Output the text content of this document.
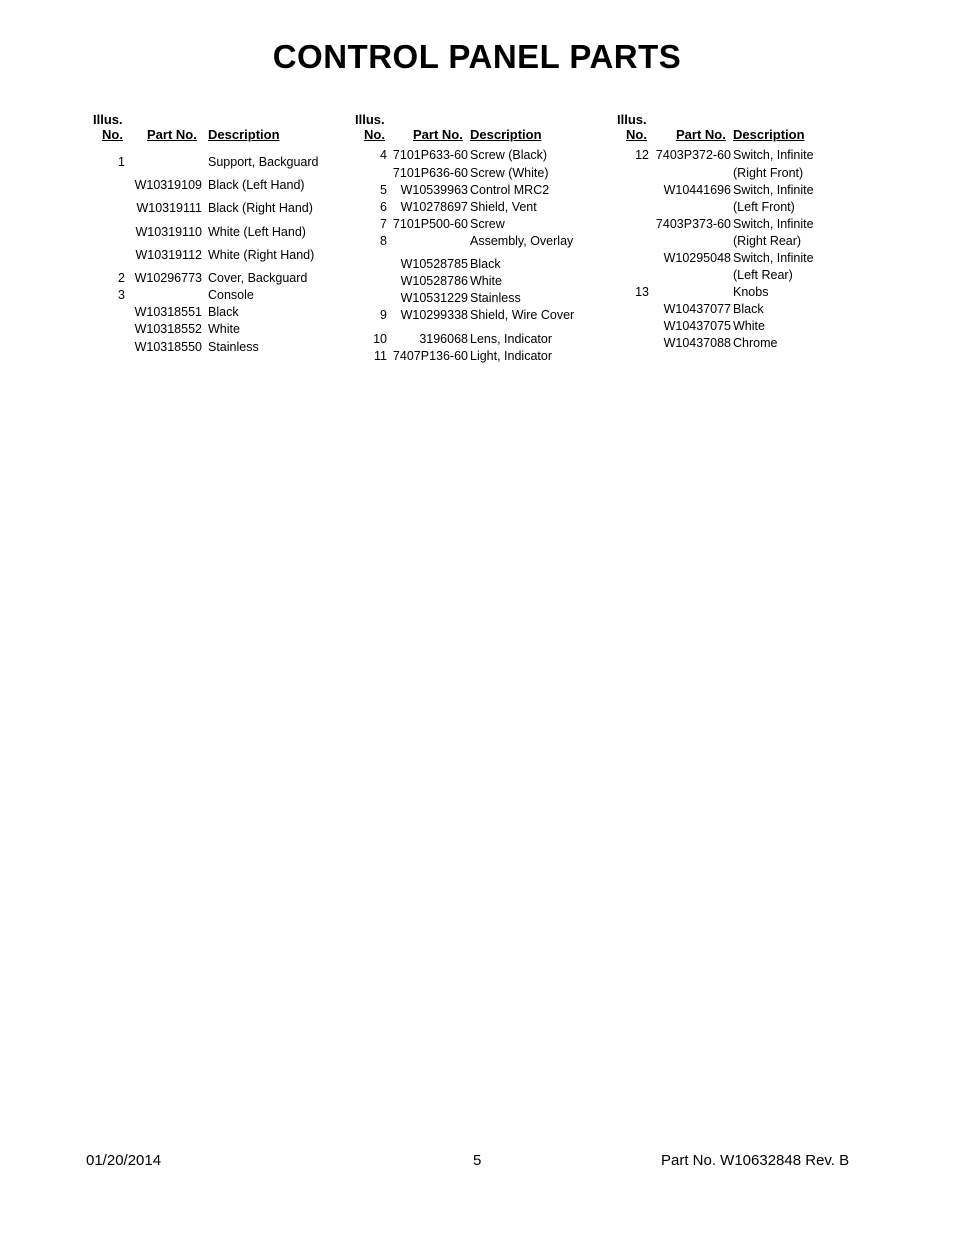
CONTROL PANEL PARTS
Illus.
No. Part No. Description
1	Support, Backguard
W10319109 Black (Left Hand)
W10319111 Black (Right Hand)
W10319110 White (Left Hand)
W10319112 White (Right Hand)
2 W10296773 Cover, Backguard
3	Console
W10318551 Black
W10318552 White
W10318550 Stainless
Illus.
No. Part No. Description
4 7101P633-60 Screw (Black)
7101P636-60 Screw (White)
5	W10539963 Control MRC2
6	W10278697 Shield, Vent
7 7101P500-60 Screw
8	Assembly, Overlay
W10528785 Black
W10528786 White
W10531229 Stainless
9	W10299338 Shield, Wire Cover
10	3196068 Lens, Indicator
11 7407P136-60 Light, Indicator
Illus.
No. Part No. Description
12 7403P372-60 Switch, Infinite
(Right Front)
W10441696 Switch, Infinite
(Left Front)
7403P373-60 Switch, Infinite
(Right Rear)
W10295048 Switch, Infinite
(Left Rear)
13	Knobs
W10437077 Black
W10437075 White
W10437088 Chrome
01/20/2014	5	Part No. W10632848 Rev. B
